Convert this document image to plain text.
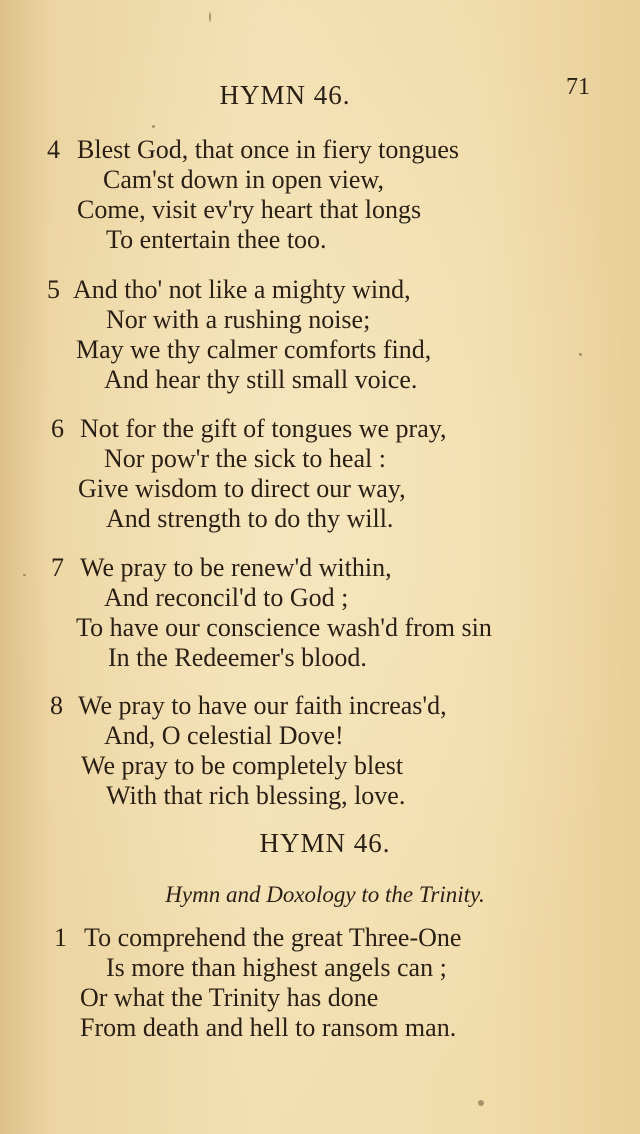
HYMN 46.	71
4 Blest God, that once in fiery tongues
Cam'st down in open view,
Come, visit ev'ry heart that longs
To entertain thee too.
5 And tho' not like a mighty wind,
Nor with a rushing noise;
May we thy calmer comforts find,
And hear thy still small voice.
6 Not for the gift of tongues we pray,
Nor pow'r the sick to heal :
Give wisdom to direct our way,
And strength to do thy will.
7 We pray to be renew'd within,
And reconcil'd to God ;
To have our conscience wash'd from sin
In the Redeemer's blood.
8 We pray to have our faith increas'd,
And, O celestial Dove!
We pray to be completely blest
With that rich blessing, love.
HYMN 46.
Hymn and Doxology to the Trinity.
1 To comprehend the great Three-One
Is more than highest angels can ;
Or what the Trinity has done
From death and hell to ransom man.
